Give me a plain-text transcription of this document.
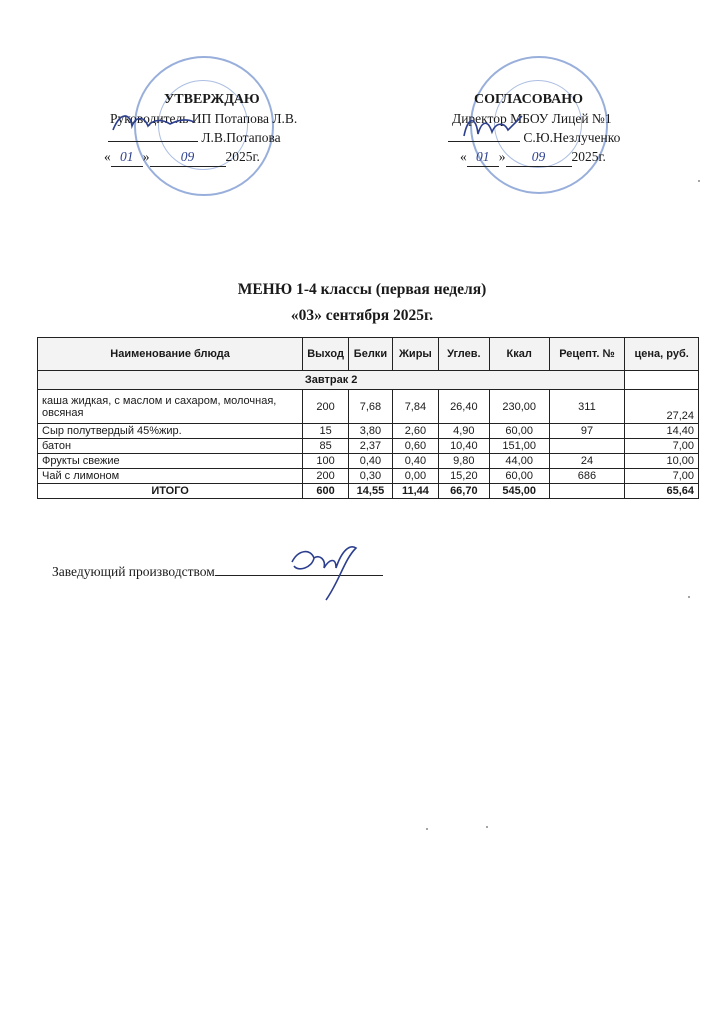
УТВЕРЖДАЮ
Руководитель ИП Потапова Л.В.
Л.В.Потапова
« 01 » 09 2025г.
СОГЛАСОВАНО
Директор МБОУ Лицей №1
С.Ю.Незлученко
« 01 » 09 2025г.
МЕНЮ 1-4 классы (первая неделя)
«03» сентября 2025г.
Наименование блюда	Выход	Белки	Жиры	Углев.	Ккал	Рецепт. №	цена, руб.
Завтрак 2							
каша жидкая, с маслом и сахаром, молочная, овсяная	200	7,68	7,84	26,40	230,00	311	27,24
Сыр полутвердый 45%жир.	15	3,80	2,60	4,90	60,00	97	14,40
батон	85	2,37	0,60	10,40	151,00		7,00
Фрукты свежие	100	0,40	0,40	9,80	44,00	24	10,00
Чай с лимоном	200	0,30	0,00	15,20	60,00	686	7,00
ИТОГО	600	14,55	11,44	66,70	545,00		65,64
Заведующий производством
